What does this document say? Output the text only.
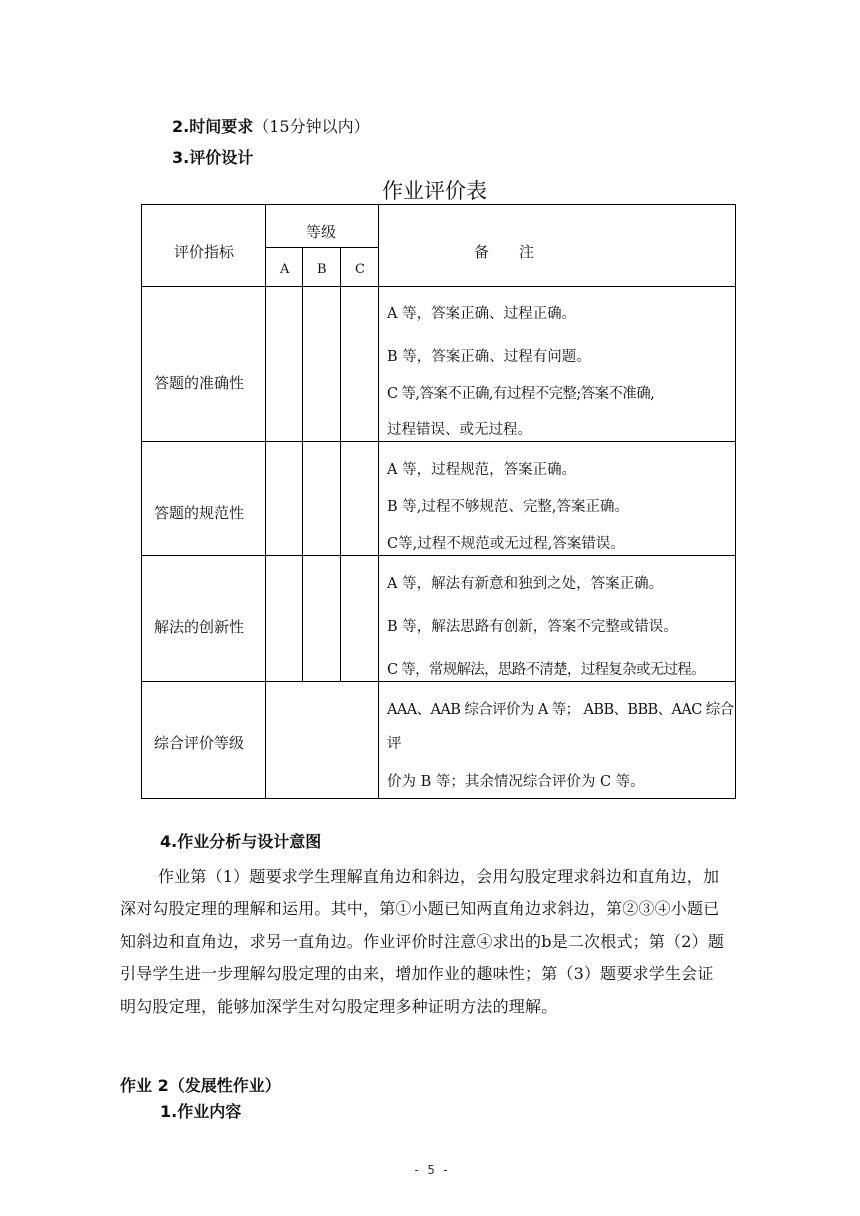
2.时间要求（15分钟以内）
3.评价设计
作业评价表
评价指标
等级
A B C
备　　注
答题的准确性
答题的规范性
解法的创新性
综合评价等级
A 等，答案正确、过程正确。
B 等，答案正确、过程有问题。
C 等,答案不正确,有过程不完整;答案不准确,
过程错误、或无过程。
A 等，过程规范，答案正确。
B 等,过程不够规范、完整,答案正确。
C等,过程不规范或无过程,答案错误。
A 等，解法有新意和独到之处，答案正确。
B 等，解法思路有创新，答案不完整或错误。
C 等，常规解法，思路不清楚，过程复杂或无过程。
AAA、AAB 综合评价为 A 等； ABB、BBB、AAC 综合
评
价为 B 等；其余情况综合评价为 C 等。
4.作业分析与设计意图
作业第（1）题要求学生理解直角边和斜边，会用勾股定理求斜边和直角边，加
深对勾股定理的理解和运用。其中，第①小题已知两直角边求斜边，第②③④小题已
知斜边和直角边，求另一直角边。作业评价时注意④求出的b是二次根式；第（2）题
引导学生进一步理解勾股定理的由来，增加作业的趣味性；第（3）题要求学生会证
明勾股定理，能够加深学生对勾股定理多种证明方法的理解。
作业 2（发展性作业）
1.作业内容
- 5 -
